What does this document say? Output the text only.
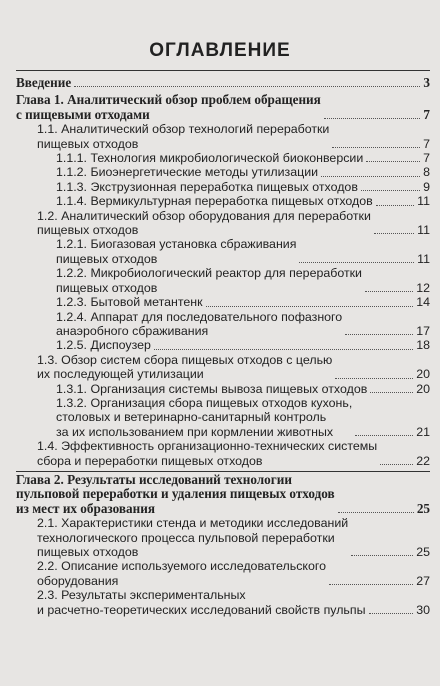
ОГЛАВЛЕНИЕ
Введение	3
Глава 1. Аналитический обзор проблем обращения
с пищевыми отходами	7
1.1. Аналитический обзор технологий переработки
пищевых отходов	7
1.1.1. Технология микробиологической биоконверсии	7
1.1.2. Биоэнергетические методы утилизации	8
1.1.3. Экструзионная переработка пищевых отходов	9
1.1.4. Вермикультурная переработка пищевых отходов	11
1.2. Аналитический обзор оборудования для переработки
пищевых отходов	11
1.2.1. Биогазовая установка сбраживания
пищевых отходов	11
1.2.2. Микробиологический реактор для переработки
пищевых отходов	12
1.2.3. Бытовой метантенк	14
1.2.4. Аппарат для последовательного пофазного
анаэробного сбраживания	17
1.2.5. Диспоузер	18
1.3. Обзор систем сбора пищевых отходов с целью
их последующей утилизации	20
1.3.1. Организация системы вывоза пищевых отходов	20
1.3.2. Организация сбора пищевых отходов кухонь,
столовых и ветеринарно-санитарный контроль
за их использованием при кормлении животных	21
1.4. Эффективность организационно-технических системы
сбора и переработки пищевых отходов	22
Глава 2. Результаты исследований технологии
пульповой переработки и удаления пищевых отходов
из мест их образования	25
2.1. Характеристики стенда и методики исследований
технологического процесса пульповой переработки
пищевых отходов	25
2.2. Описание используемого исследовательского
оборудования	27
2.3. Результаты экспериментальных
и расчетно-теоретических исследований свойств пульпы	30
